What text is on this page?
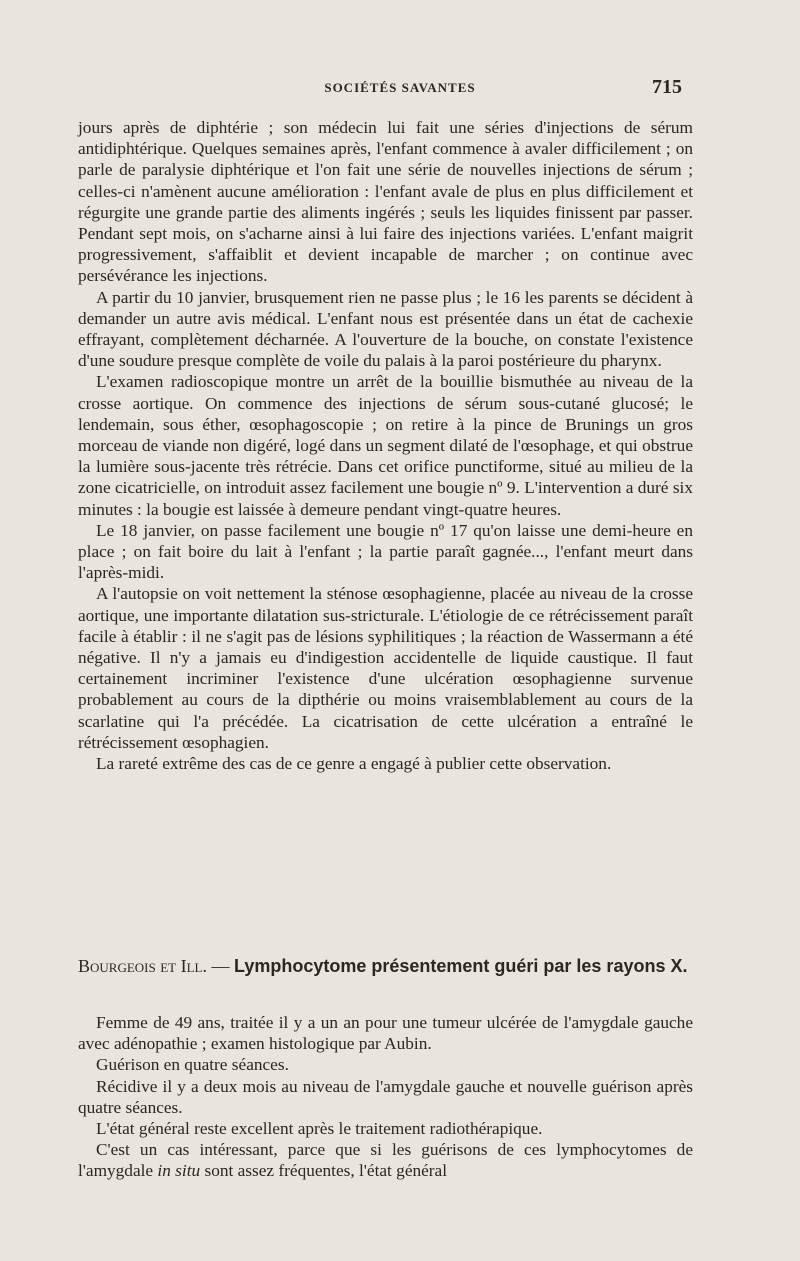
SOCIÉTÉS SAVANTES	715

jours après de diphtérie ; son médecin lui fait une séries d'injections de sérum antidiphtérique. Quelques semaines après, l'enfant commence à avaler difficilement ; on parle de paralysie diphtérique et l'on fait une série de nouvelles injections de sérum ; celles-ci n'amènent aucune amélioration : l'enfant avale de plus en plus difficilement et régurgite une grande partie des aliments ingérés ; seuls les liquides finissent par passer. Pendant sept mois, on s'acharne ainsi à lui faire des injections variées. L'enfant maigrit progressivement, s'affaiblit et devient incapable de marcher ; on continue avec persévérance les injections.

A partir du 10 janvier, brusquement rien ne passe plus ; le 16 les parents se décident à demander un autre avis médical. L'enfant nous est présentée dans un état de cachexie effrayant, complètement décharnée. A l'ouverture de la bouche, on constate l'existence d'une soudure presque complète de voile du palais à la paroi postérieure du pharynx.

L'examen radioscopique montre un arrêt de la bouillie bismuthée au niveau de la crosse aortique. On commence des injections de sérum sous-cutané glucosé; le lendemain, sous éther, œsophagoscopie ; on retire à la pince de Brunings un gros morceau de viande non digéré, logé dans un segment dilaté de l'œsophage, et qui obstrue la lumière sous-jacente très rétrécie. Dans cet orifice punctiforme, situé au milieu de la zone cicatricielle, on introduit assez facilement une bougie nº 9. L'intervention a duré six minutes : la bougie est laissée à demeure pendant vingt-quatre heures.

Le 18 janvier, on passe facilement une bougie nº 17 qu'on laisse une demi-heure en place ; on fait boire du lait à l'enfant ; la partie paraît gagnée..., l'enfant meurt dans l'après-midi.

A l'autopsie on voit nettement la sténose œsophagienne, placée au niveau de la crosse aortique, une importante dilatation sus-stricturale. L'étiologie de ce rétrécissement paraît facile à établir : il ne s'agit pas de lésions syphilitiques ; la réaction de Wassermann a été négative. Il n'y a jamais eu d'indigestion accidentelle de liquide caustique. Il faut certainement incriminer l'existence d'une ulcération œsophagienne survenue probablement au cours de la dipthérie ou moins vraisemblablement au cours de la scarlatine qui l'a précédée. La cicatrisation de cette ulcération a entraîné le rétrécissement œsophagien.

La rareté extrême des cas de ce genre a engagé à publier cette observation.

Bourgeois et Ill. — Lymphocytome présentement guéri par les rayons X.

Femme de 49 ans, traitée il y a un an pour une tumeur ulcérée de l'amygdale gauche avec adénopathie ; examen histologique par Aubin.

Guérison en quatre séances.

Récidive il y a deux mois au niveau de l'amygdale gauche et nouvelle guérison après quatre séances.

L'état général reste excellent après le traitement radiothérapique.

C'est un cas intéressant, parce que si les guérisons de ces lymphocytomes de l'amygdale in situ sont assez fréquentes, l'état général
